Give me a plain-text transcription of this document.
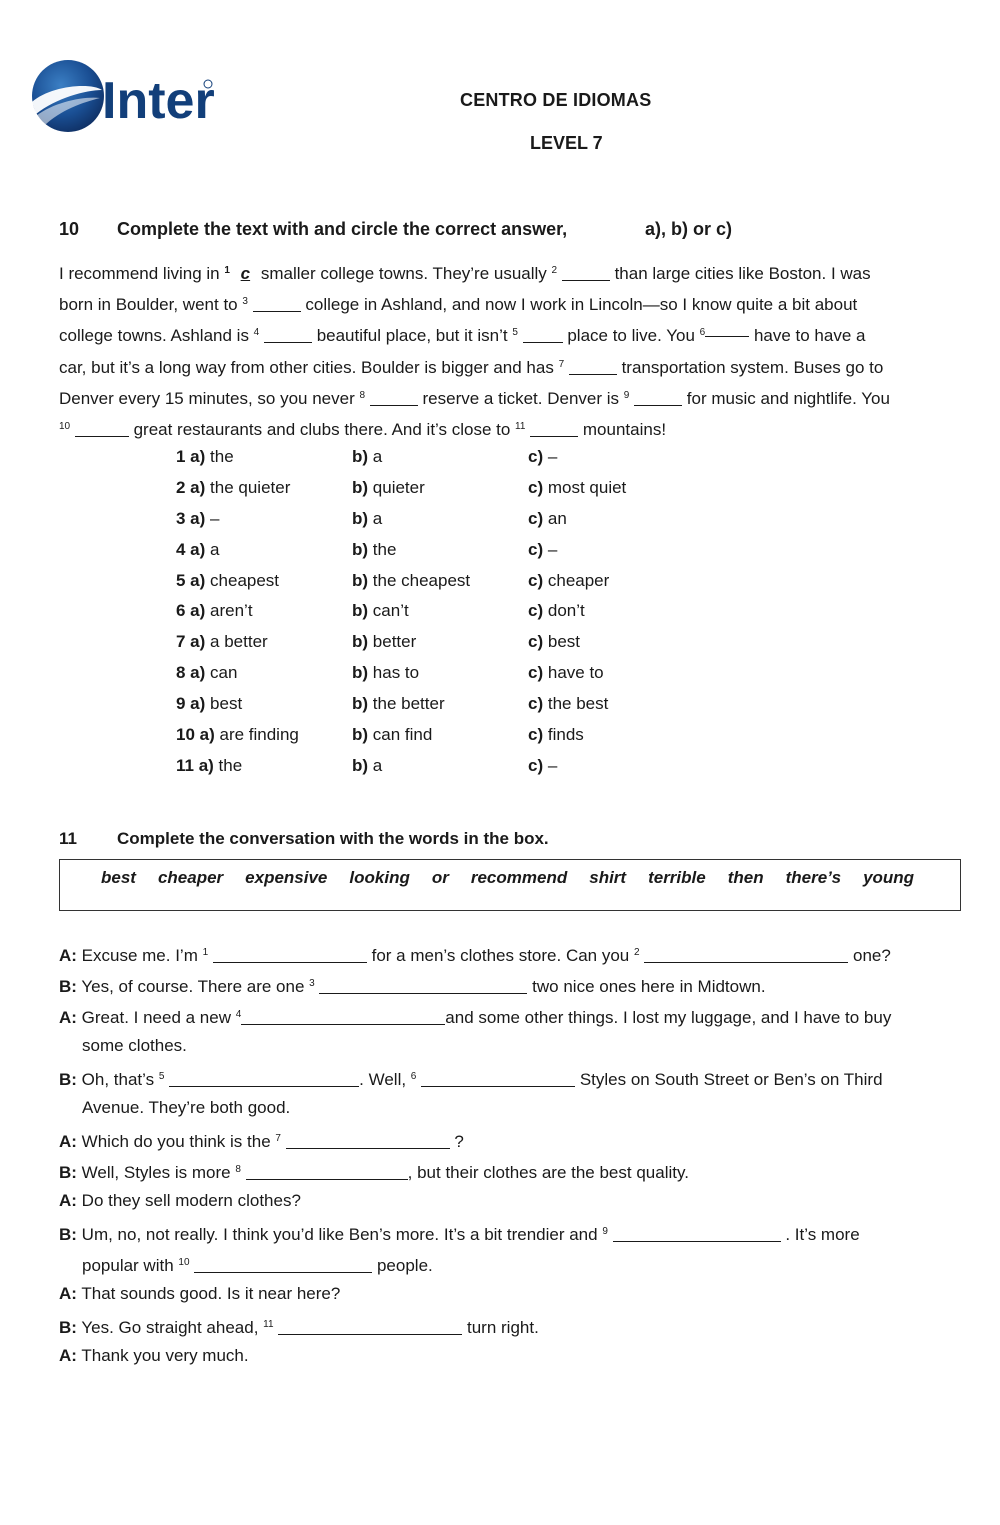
Inter	CENTRO DE IDIOMAS
LEVEL 7
10 Complete the text with and circle the correct answer,	a), b) or c)
I recommend living in $^1$ c smaller college towns. They’re usually $^2$	than large cities like Boston. I was
born in Boulder, went to $^3$	college in Ashland, and now I work in Lincoln—so I know quite a bit about
college towns. Ashland is $^4$	beautiful place, but it isn’t $^5$	place to live. You $^6$	have to have a
car, but it’s a long way from other cities. Boulder is bigger and has $^7$	transportation system. Buses go to
Denver every 15 minutes, so you never $^8$	reserve a ticket. Denver is $^9$	for music and nightlife. You
$^{10}$	great restaurants and clubs there. And it’s close to $^{11}$	mountains!
1 a) the	b) a	c) –
2 a) the quieter	b) quieter	c) most quiet
3 a) –	b) a	c) an
4 a) a	b) the	c) –
5 a) cheapest	b) the cheapest	c) cheaper
6 a) aren’t	b) can’t	c) don’t
7 a) a better	b) better	c) best
8 a) can	b) has to	c) have to
9 a) best	b) the better	c) the best
10 a) are finding	b) can find	c) finds
11 a) the	b) a	c) –
11 Complete the conversation with the words in the box.
best cheaper expensive looking or recommend shirt terrible then there’s young
A: Excuse me. I’m $^1$	for a men’s clothes store. Can you $^2$	one?
B: Yes, of course. There are one $^3$	two nice ones here in Midtown.
A: Great. I need a new $^4$	and some other things. I lost my luggage, and I have to buy
some clothes.
B: Oh, that’s $^5$	. Well, $^6$	Styles on South Street or Ben’s on Third
Avenue. They’re both good.
A: Which do you think is the $^7$	?
B: Well, Styles is more $^8$	, but their clothes are the best quality.
A: Do they sell modern clothes?
B: Um, no, not really. I think you’d like Ben’s more. It’s a bit trendier and $^9$	. It’s more
popular with $^{10}$	people.
A: That sounds good. Is it near here?
B: Yes. Go straight ahead, $^{11}$	turn right.
A: Thank you very much.
